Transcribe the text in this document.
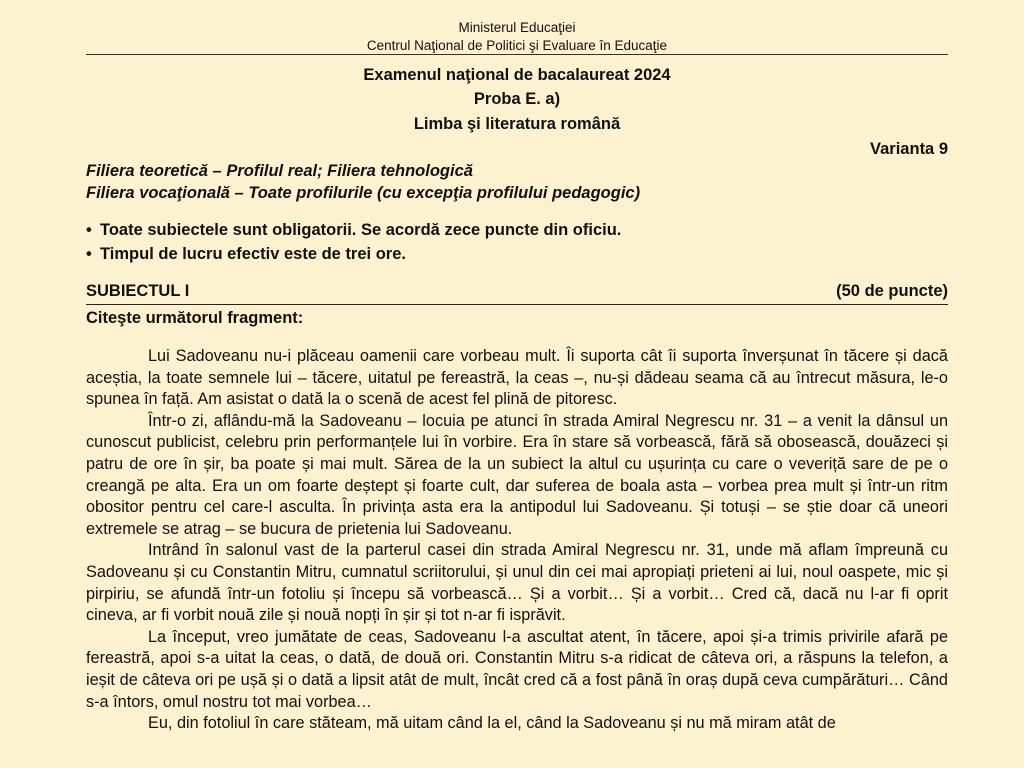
Ministerul Educaţiei
Centrul Naţional de Politici şi Evaluare în Educaţie
Examenul naţional de bacalaureat 2024
Proba E. a)
Limba şi literatura română
Varianta 9
Filiera teoretică – Profilul real; Filiera tehnologică
Filiera vocaţională – Toate profilurile (cu excepţia profilului pedagogic)
• Toate subiectele sunt obligatorii. Se acordă zece puncte din oficiu.
• Timpul de lucru efectiv este de trei ore.
SUBIECTUL I	(50 de puncte)
Citeşte următorul fragment:

Lui Sadoveanu nu-i plăceau oamenii care vorbeau mult. Îi suporta cât îi suporta înverșunat în tăcere și dacă aceștia, la toate semnele lui – tăcere, uitatul pe fereastră, la ceas –, nu-și dădeau seama că au întrecut măsura, le-o spunea în față. Am asistat o dată la o scenă de acest fel plină de pitoresc.

Într-o zi, aflându-mă la Sadoveanu – locuia pe atunci în strada Amiral Negrescu nr. 31 – a venit la dânsul un cunoscut publicist, celebru prin performanțele lui în vorbire. Era în stare să vorbească, fără să obosească, douăzeci și patru de ore în șir, ba poate și mai mult. Sărea de la un subiect la altul cu ușurința cu care o veveriță sare de pe o creangă pe alta. Era un om foarte deștept și foarte cult, dar suferea de boala asta – vorbea prea mult și într-un ritm obositor pentru cel care-l asculta. În privința asta era la antipodul lui Sadoveanu. Și totuși – se știe doar că uneori extremele se atrag – se bucura de prietenia lui Sadoveanu.

Intrând în salonul vast de la parterul casei din strada Amiral Negrescu nr. 31, unde mă aflam împreună cu Sadoveanu și cu Constantin Mitru, cumnatul scriitorului, și unul din cei mai apropiați prieteni ai lui, noul oaspete, mic și pirpiriu, se afundă într-un fotoliu și începu să vorbească… Și a vorbit… Și a vorbit… Cred că, dacă nu l-ar fi oprit cineva, ar fi vorbit nouă zile și nouă nopți în șir și tot n-ar fi isprăvit.

La început, vreo jumătate de ceas, Sadoveanu l-a ascultat atent, în tăcere, apoi și-a trimis privirile afară pe fereastră, apoi s-a uitat la ceas, o dată, de două ori. Constantin Mitru s-a ridicat de câteva ori, a răspuns la telefon, a ieșit de câteva ori pe ușă și o dată a lipsit atât de mult, încât cred că a fost până în oraș după ceva cumpărături… Când s-a întors, omul nostru tot mai vorbea…

Eu, din fotoliul în care stăteam, mă uitam când la el, când la Sadoveanu și nu mă miram atât de
